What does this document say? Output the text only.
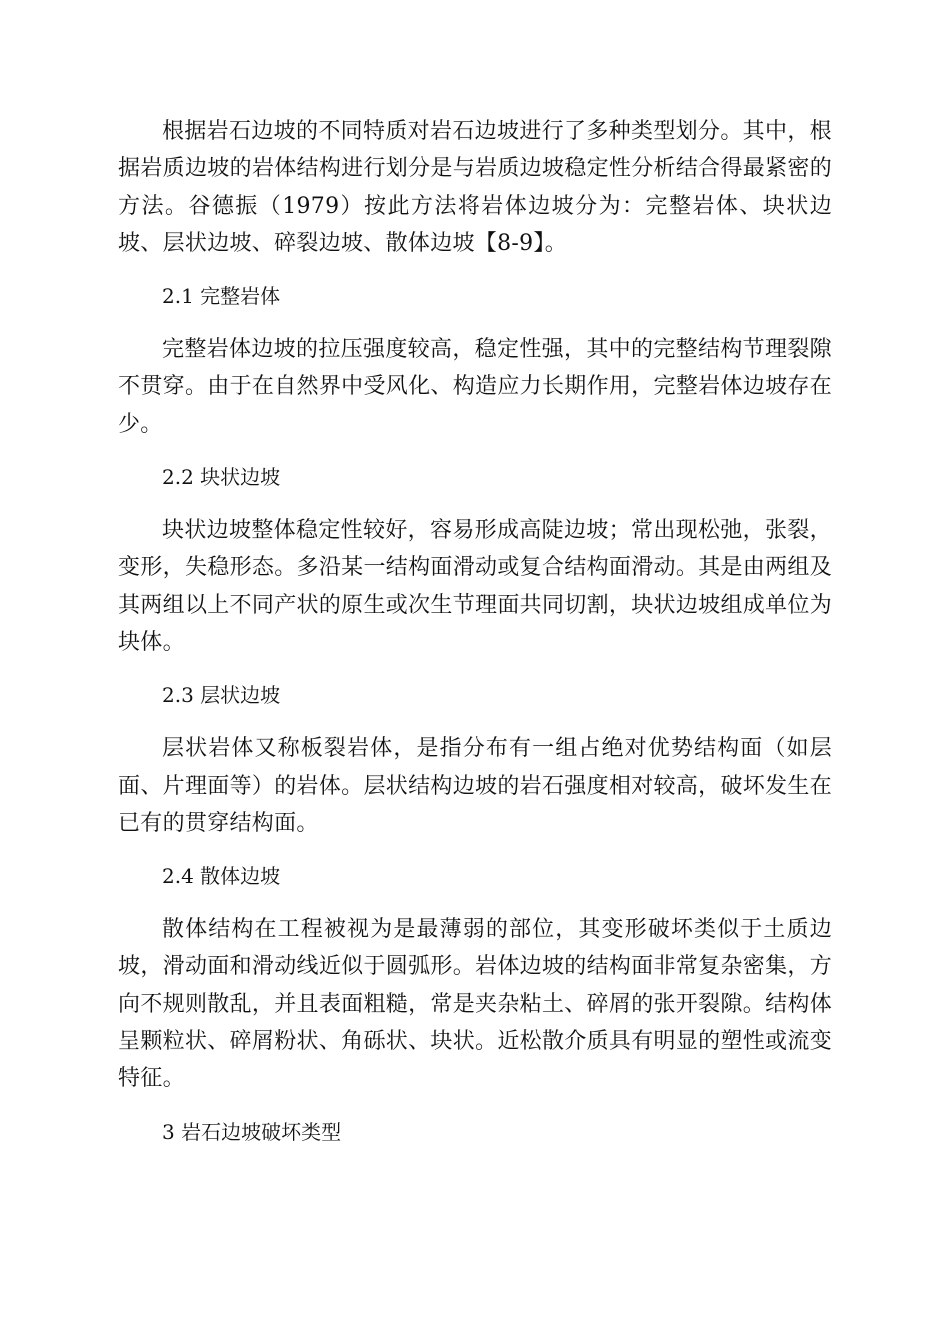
根据岩石边坡的不同特质对岩石边坡进行了多种类型划分。其中，根据岩质边坡的岩体结构进行划分是与岩质边坡稳定性分析结合得最紧密的方法。谷德振（1979）按此方法将岩体边坡分为：完整岩体、块状边坡、层状边坡、碎裂边坡、散体边坡【8-9】。

2.1 完整岩体

完整岩体边坡的拉压强度较高，稳定性强，其中的完整结构节理裂隙不贯穿。由于在自然界中受风化、构造应力长期作用，完整岩体边坡存在少。

2.2 块状边坡

块状边坡整体稳定性较好，容易形成高陡边坡；常出现松弛，张裂，变形，失稳形态。多沿某一结构面滑动或复合结构面滑动。其是由两组及其两组以上不同产状的原生或次生节理面共同切割，块状边坡组成单位为块体。

2.3 层状边坡

层状岩体又称板裂岩体，是指分布有一组占绝对优势结构面（如层面、片理面等）的岩体。层状结构边坡的岩石强度相对较高，破坏发生在已有的贯穿结构面。

2.4 散体边坡

散体结构在工程被视为是最薄弱的部位，其变形破坏类似于土质边坡，滑动面和滑动线近似于圆弧形。岩体边坡的结构面非常复杂密集，方向不规则散乱，并且表面粗糙，常是夹杂粘土、碎屑的张开裂隙。结构体呈颗粒状、碎屑粉状、角砾状、块状。近松散介质具有明显的塑性或流变特征。

3 岩石边坡破坏类型
